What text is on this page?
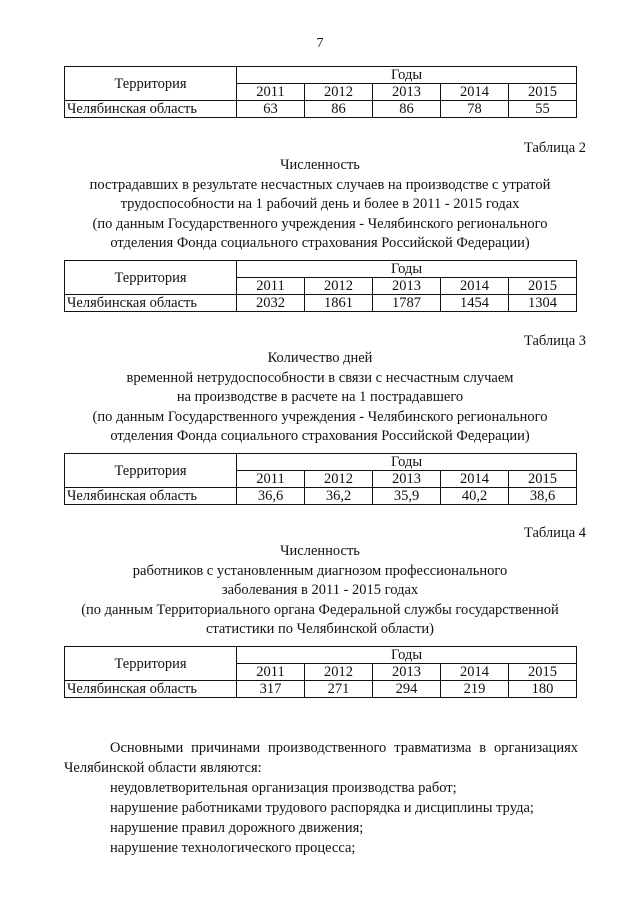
7
Территория	Годы				
	2011	2012	2013	2014	2015
Челябинская область	63	86	86	78	55
Таблица 2
Численность
пострадавших в результате несчастных случаев на производстве с утратой
трудоспособности на 1 рабочий день и более в 2011 - 2015 годах
(по данным Государственного учреждения - Челябинского регионального
отделения Фонда социального страхования Российской Федерации)
Территория	Годы				
	2011	2012	2013	2014	2015
Челябинская область	2032	1861	1787	1454	1304
Таблица 3
Количество дней
временной нетрудоспособности в связи с несчастным случаем
на производстве в расчете на 1 пострадавшего
(по данным Государственного учреждения - Челябинского регионального
отделения Фонда социального страхования Российской Федерации)
Территория	Годы				
	2011	2012	2013	2014	2015
Челябинская область	36,6	36,2	35,9	40,2	38,6
Таблица 4
Численность
работников с установленным диагнозом профессионального
заболевания в 2011 - 2015 годах
(по данным Территориального органа Федеральной службы государственной
статистики по Челябинской области)
Территория	Годы				
	2011	2012	2013	2014	2015
Челябинская область	317	271	294	219	180
Основными причинами производственного травматизма в организациях Челябинской области являются:
неудовлетворительная организация производства работ;
нарушение работниками трудового распорядка и дисциплины труда;
нарушение правил дорожного движения;
нарушение технологического процесса;
